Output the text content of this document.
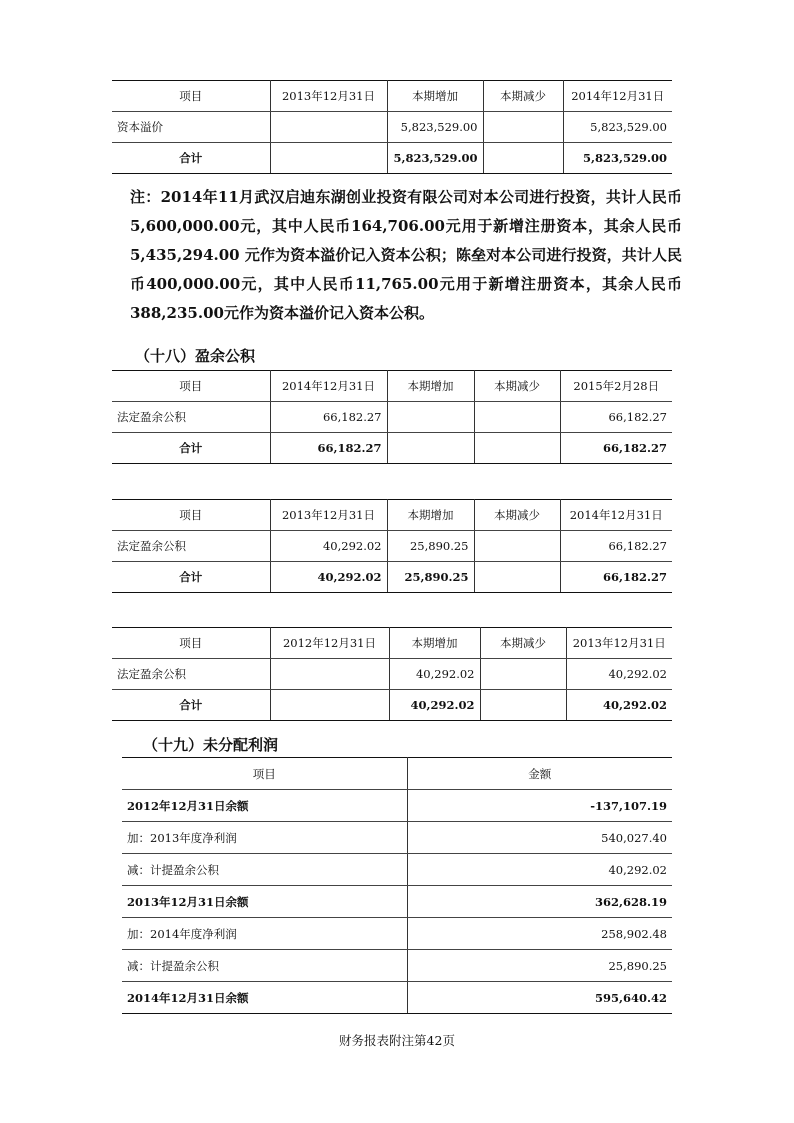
项目	2013年12月31日	本期增加	本期减少	2014年12月31日
资本溢价		5,823,529.00		5,823,529.00
合计		5,823,529.00		5,823,529.00

注：2014年11月武汉启迪东湖创业投资有限公司对本公司进行投资，共计人民币5,600,000.00元，其中人民币164,706.00元用于新增注册资本，其余人民币 5,435,294.00 元作为资本溢价记入资本公积；陈垒对本公司进行投资，共计人民币400,000.00元，其中人民币11,765.00元用于新增注册资本，其余人民币388,235.00元作为资本溢价记入资本公积。

（十八）盈余公积
项目	2014年12月31日	本期增加	本期减少	2015年2月28日
法定盈余公积	66,182.27			66,182.27
合计	66,182.27			66,182.27
项目	2013年12月31日	本期增加	本期减少	2014年12月31日
法定盈余公积	40,292.02	25,890.25		66,182.27
合计	40,292.02	25,890.25		66,182.27
项目	2012年12月31日	本期增加	本期减少	2013年12月31日
法定盈余公积		40,292.02		40,292.02
合计		40,292.02		40,292.02
（十九）未分配利润
项目	金额
2012年12月31日余额	-137,107.19
加：2013年度净利润	540,027.40
减：计提盈余公积	40,292.02
2013年12月31日余额	362,628.19
加：2014年度净利润	258,902.48
减：计提盈余公积	25,890.25
2014年12月31日余额	595,640.42
财务报表附注第42页
